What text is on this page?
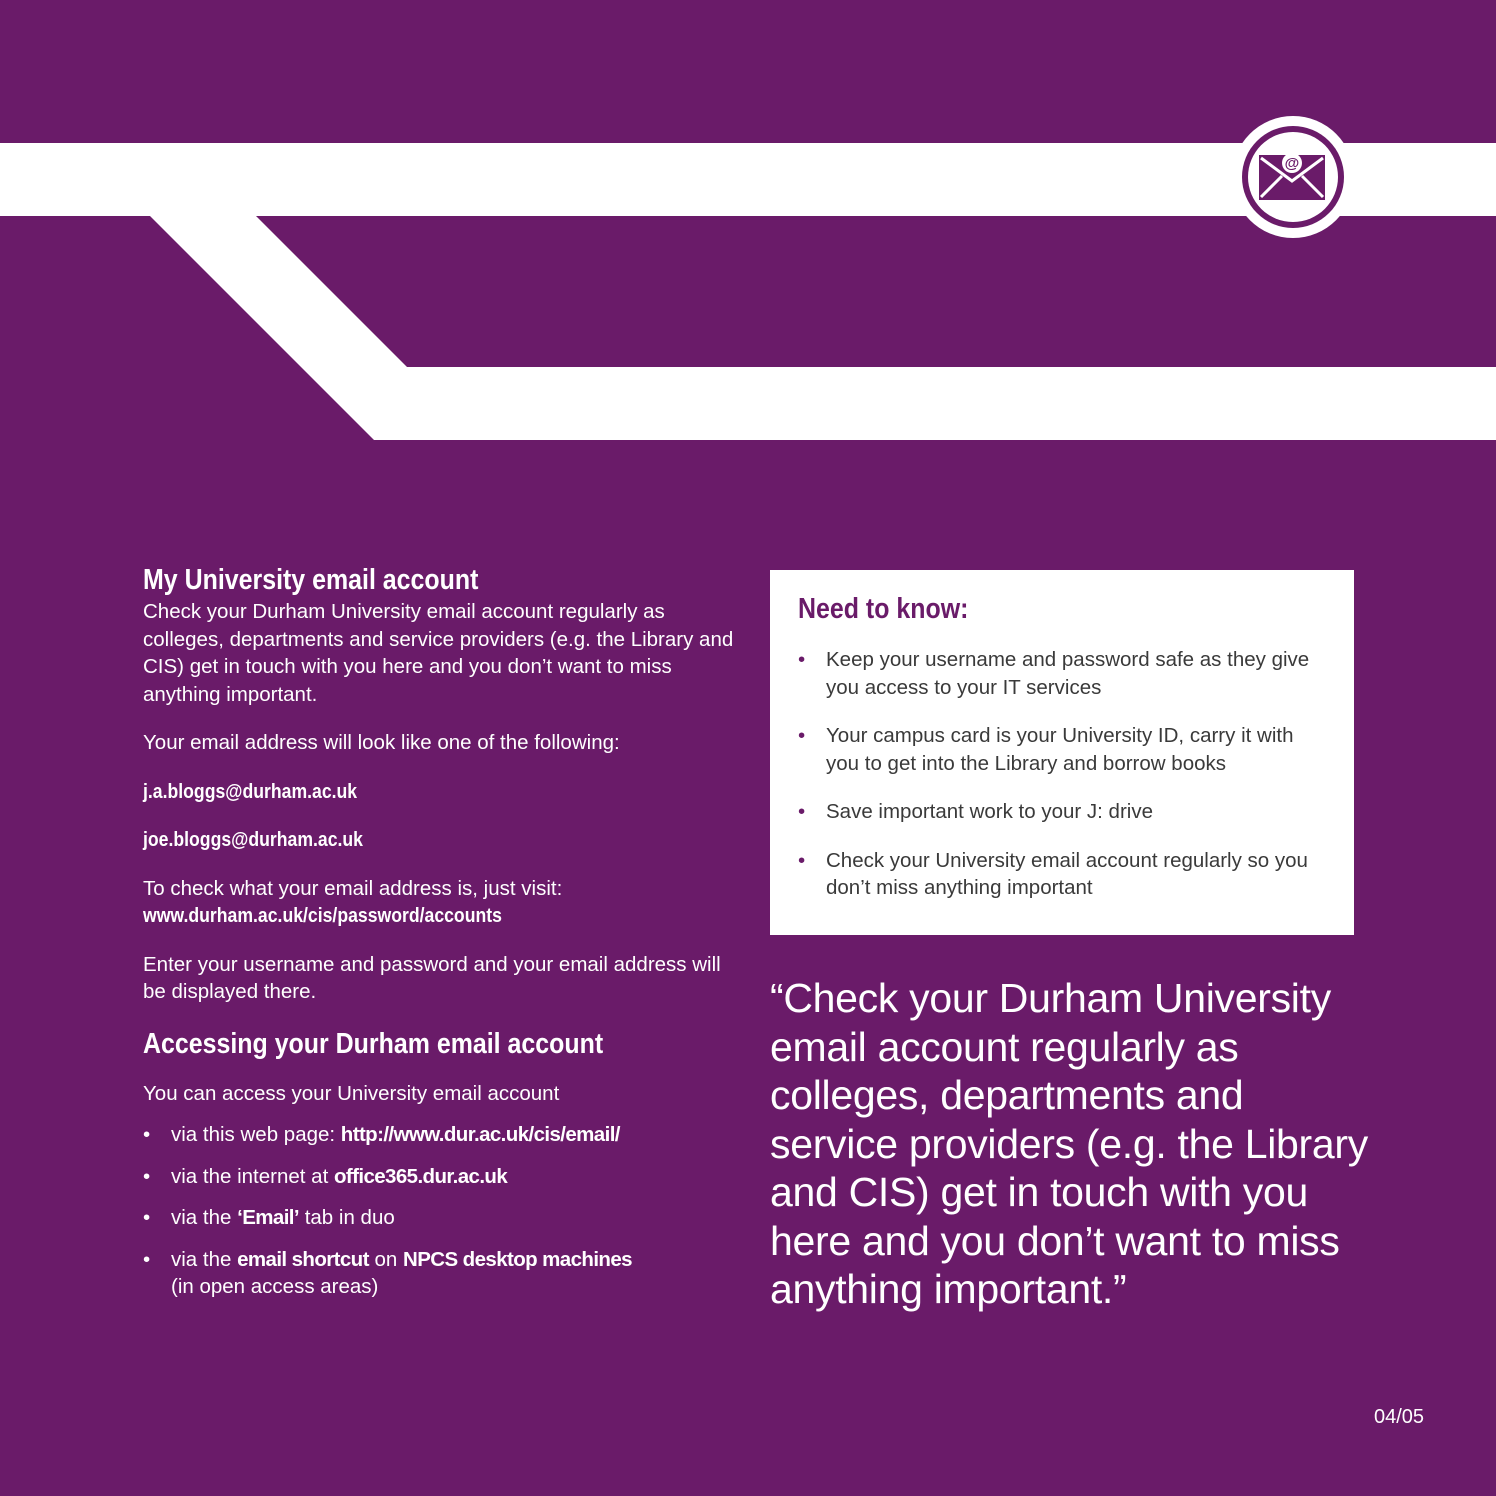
@
My University email account

Check your Durham University email account regularly as colleges, departments and service providers (e.g. the Library and CIS) get in touch with you here and you don’t want to miss anything important.

Your email address will look like one of the following:

j.a.bloggs@durham.ac.uk

joe.bloggs@durham.ac.uk

To check what your email address is, just visit:

www.durham.ac.uk/cis/password/accounts

Enter your username and password and your email address will be displayed there.

Accessing your Durham email account

You can access your University email account

• via this web page: http://www.dur.ac.uk/cis/email/
• via the internet at office365.dur.ac.uk
• via the ‘Email’ tab in duo
• via the email shortcut on NPCS desktop machines
(in open access areas)
Need to know:
• Keep your username and password safe as they give you access to your IT services
• Your campus card is your University ID, carry it with you to get into the Library and borrow books
• Save important work to your J: drive
• Check your University email account regularly so you don’t miss anything important

“Check your Durham University email account regularly as colleges, departments and service providers (e.g. the Library and CIS) get in touch with you here and you don’t want to miss anything important.”

04/05
